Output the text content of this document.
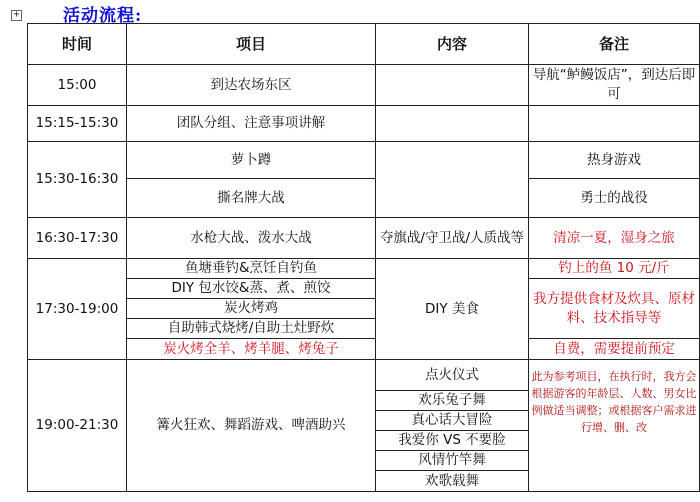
+	活动流程:
时间	项目	内容	备注
15:00	到达农场东区		导航“鲈鳗饭店”，到达后即可
15:15-15:30	团队分组、注意事项讲解		
15:30-16:30	萝卜蹲		热身游戏
	撕名牌大战		勇士的战役
16:30-17:30	水枪大战、泼水大战	夺旗战/守卫战/人质战等	清凉一夏，湿身之旅
17:30-19:00	鱼塘垂钓&烹饪自钓鱼	DIY 美食	钓上的鱼 10 元/斤
	DIY 包水饺&蒸、煮、煎饺		我方提供食材及炊具、原材料、技术指导等
	炭火烤鸡		
	自助韩式烧烤/自助土灶野炊		
	炭火烤全羊、烤羊腿、烤兔子		自费，需要提前预定
19:00-21:30	篝火狂欢、舞蹈游戏、啤酒助兴	点火仪式	此为参考项目，在执行时，我方会根据游客的年龄层、人数、男女比例做适当调整；或根据客户需求进行增、删、改
		欢乐兔子舞	
		真心话大冒险	
		我爱你 VS 不要脸	
		风情竹竿舞	
		欢歌载舞	
